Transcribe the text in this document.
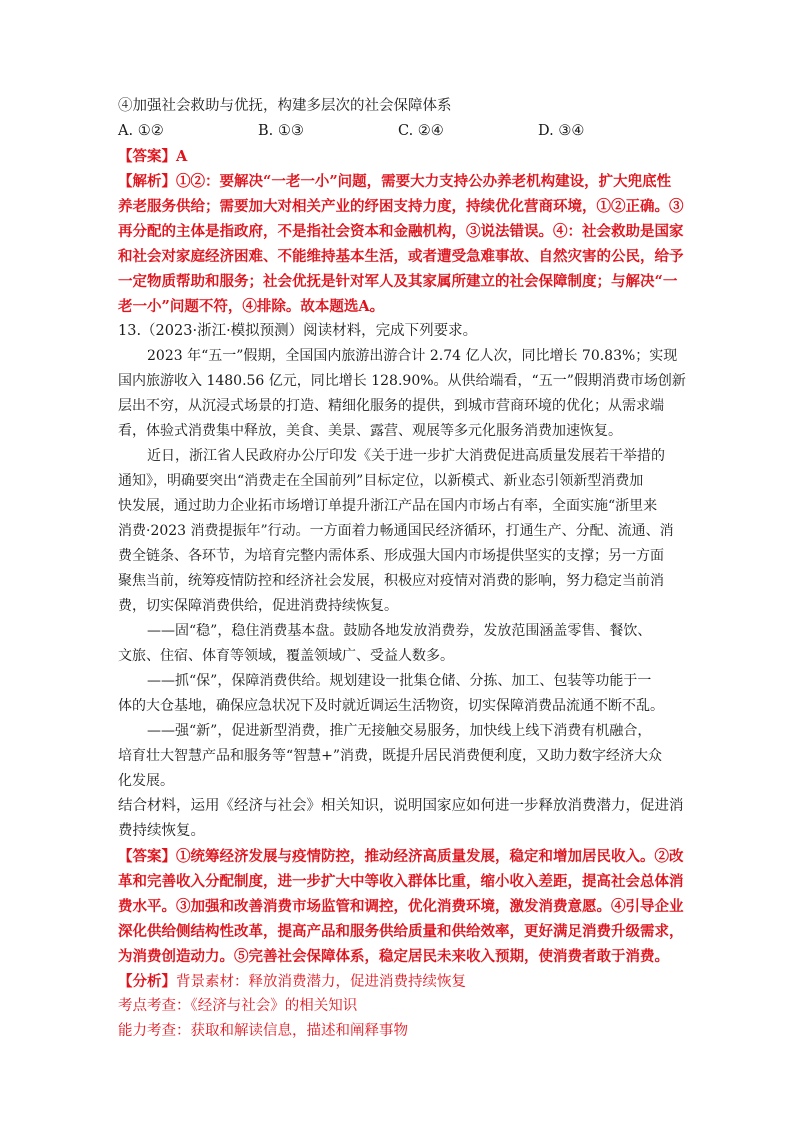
④加强社会救助与优抚，构建多层次的社会保障体系
A. ①②	B. ①③	C. ②④	D. ③④
【答案】A
【解析】①②：要解决“一老一小”问题，需要大力支持公办养老机构建设，扩大兜底性
养老服务供给；需要加大对相关产业的纾困支持力度，持续优化营商环境，①②正确。③
再分配的主体是指政府，不是指社会资本和金融机构，③说法错误。④：社会救助是国家
和社会对家庭经济困难、不能维持基本生活，或者遭受急难事故、自然灾害的公民，给予
一定物质帮助和服务；社会优抚是针对军人及其家属所建立的社会保障制度；与解决“一
老一小”问题不符，④排除。故本题选A。
13.（2023·浙江·模拟预测）阅读材料，完成下列要求。
2023 年“五一”假期，全国国内旅游出游合计 2.74 亿人次，同比增长 70.83%；实现
国内旅游收入 1480.56 亿元，同比增长 128.90%。从供给端看，“五一”假期消费市场创新
层出不穷，从沉浸式场景的打造、精细化服务的提供，到城市营商环境的优化；从需求端
看，体验式消费集中释放，美食、美景、露营、观展等多元化服务消费加速恢复。
近日，浙江省人民政府办公厅印发《关于进一步扩大消费促进高质量发展若干举措的
通知》，明确要突出“消费走在全国前列”目标定位，以新模式、新业态引领新型消费加
快发展，通过助力企业拓市场增订单提升浙江产品在国内市场占有率，全面实施“浙里来
消费·2023 消费提振年”行动。一方面着力畅通国民经济循环，打通生产、分配、流通、消
费全链条、各环节，为培育完整内需体系、形成强大国内市场提供坚实的支撑；另一方面
聚焦当前，统筹疫情防控和经济社会发展，积极应对疫情对消费的影响，努力稳定当前消
费，切实保障消费供给，促进消费持续恢复。
——固“稳”，稳住消费基本盘。鼓励各地发放消费券，发放范围涵盖零售、餐饮、
文旅、住宿、体育等领域，覆盖领域广、受益人数多。
——抓“保”，保障消费供给。规划建设一批集仓储、分拣、加工、包装等功能于一
体的大仓基地，确保应急状况下及时就近调运生活物资，切实保障消费品流通不断不乱。
——强“新”，促进新型消费，推广无接触交易服务，加快线上线下消费有机融合，
培育壮大智慧产品和服务等“智慧+”消费，既提升居民消费便利度，又助力数字经济大众
化发展。
结合材料，运用《经济与社会》相关知识，说明国家应如何进一步释放消费潜力，促进消
费持续恢复。
【答案】①统筹经济发展与疫情防控，推动经济高质量发展，稳定和增加居民收入。②改
革和完善收入分配制度，进一步扩大中等收入群体比重，缩小收入差距，提高社会总体消
费水平。③加强和改善消费市场监管和调控，优化消费环境，激发消费意愿。④引导企业
深化供给侧结构性改革，提高产品和服务供给质量和供给效率，更好满足消费升级需求，
为消费创造动力。⑤完善社会保障体系，稳定居民未来收入预期，使消费者敢于消费。
【分析】背景素材：释放消费潜力，促进消费持续恢复
考点考查：《经济与社会》的相关知识
能力考查：获取和解读信息，描述和阐释事物
